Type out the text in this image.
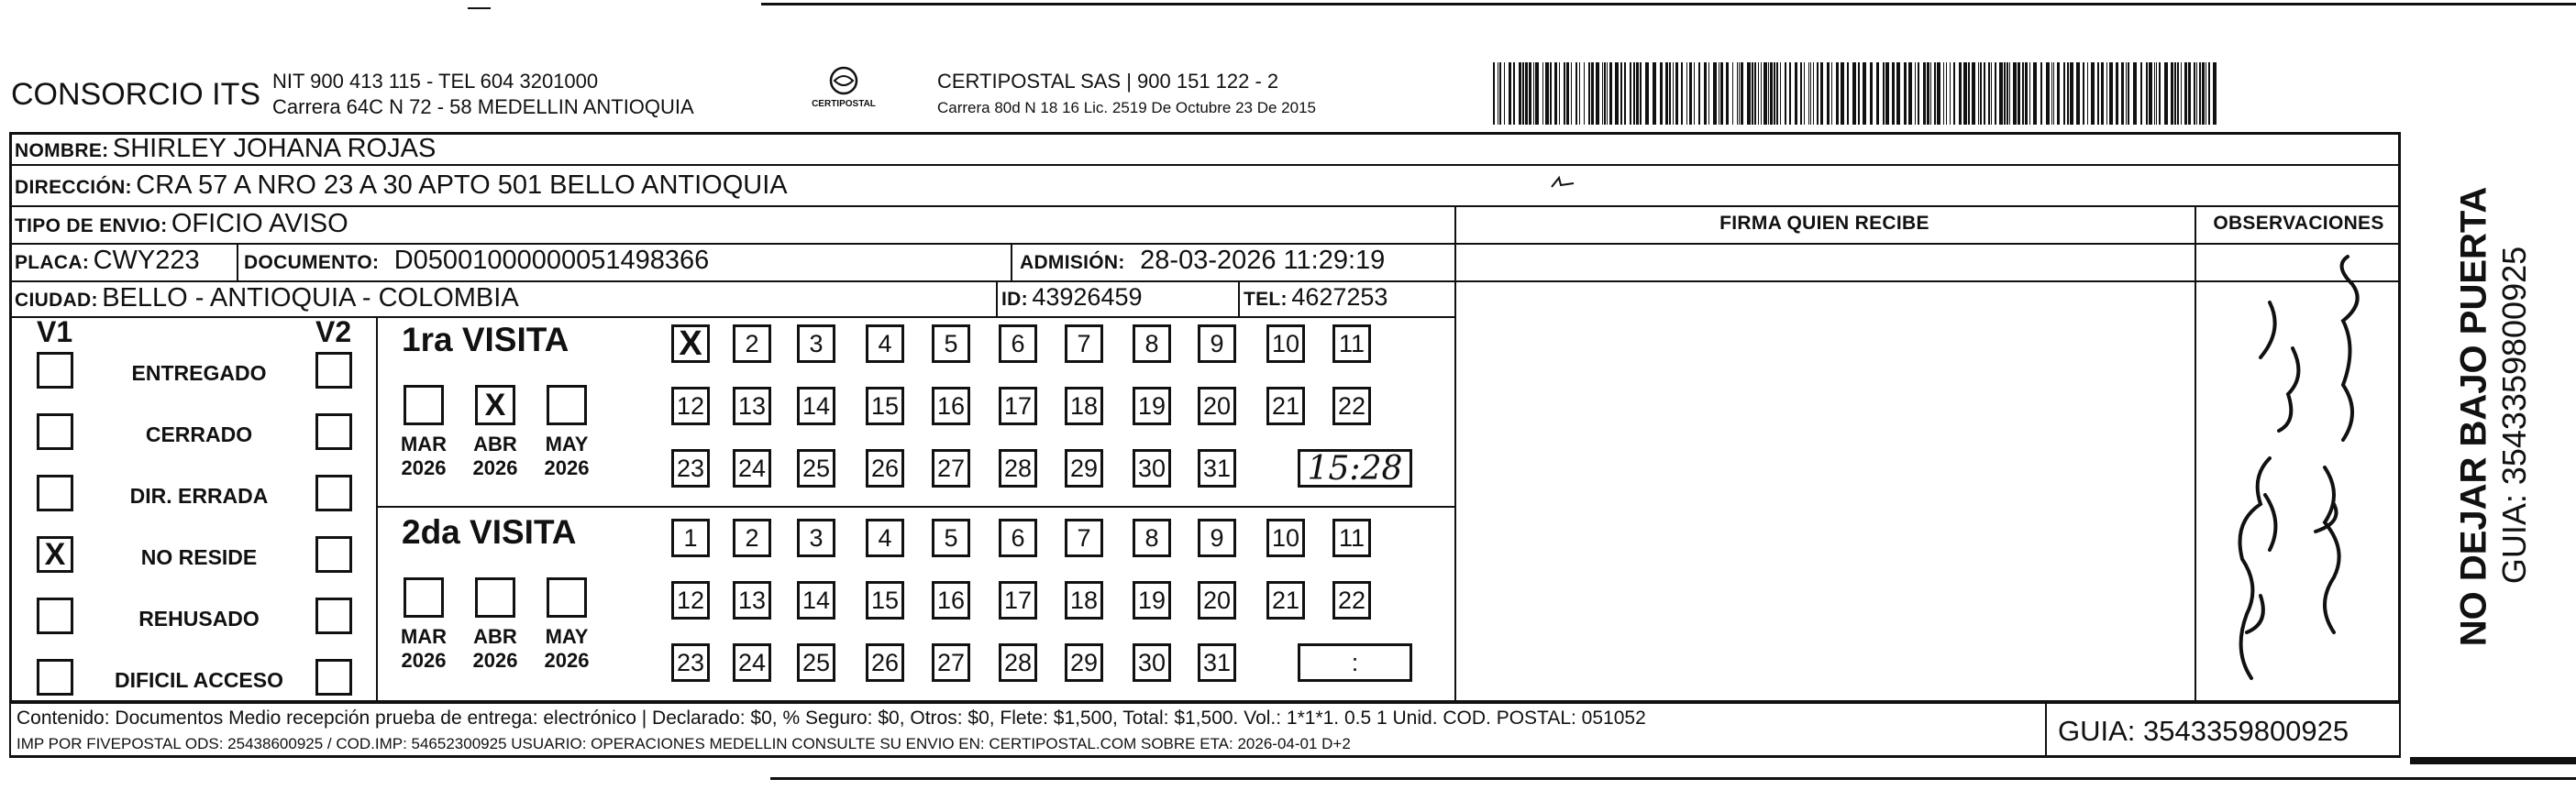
CONSORCIO ITS NIT 900 413 115 - TEL 604 3201000
Carrera 64C N 72 - 58 MEDELLIN ANTIOQUIA	CERTIPOSTAL
CERTIPOSTAL SAS | 900 151 122 - 2
Carrera 80d N 18 16 Lic. 2519 De Octubre 23 De 2015
NOMBRE: SHIRLEY JOHANA ROJAS
DIRECCIÓN: CRA 57 A NRO 23 A 30 APTO 501 BELLO ANTIOQUIA
TIPO DE ENVIO: OFICIO AVISO
PLACA: CWY223 DOCUMENTO: D05001000000051498366	ADMISIÓN: 28-03-2026 11:29:19
CIUDAD: BELLO - ANTIOQUIA - COLOMBIA	ID: 43926459	TEL: 4627253
FIRMA QUIEN RECIBE	OBSERVACIONES
V1	V2 1ra VISITA
2da VISITA
Contenido: Documentos Medio recepción prueba de entrega: electrónico | Declarado: $0, % Seguro: $0, Otros: $0, Flete: $1,500, Total: $1,500. Vol.: 1*1*1. 0.5 1 Unid. COD. POSTAL: 051052
IMP POR FIVEPOSTAL ODS: 25438600925 / COD.IMP: 54652300925 USUARIO: OPERACIONES MEDELLIN CONSULTE SU ENVIO EN: CERTIPOSTAL.COM SOBRE ETA: 2026-04-01 D+2	GUIA: 3543359800925
NO DEJAR BAJO PUERTA GUIA: 3543359800925
ENTREGADO
CERRADO
DIR. ERRADA
X	NO RESIDE
REHUSADO
DIFICIL ACCESO
MAR
2026
X
ABR
2026
MAY
2026
MAR
2026
ABR
2026
MAY
2026
X 2 3 4 5 6 7 8 9 10 11
12 13 14 15 16 17 18 19 20 21 22
23 24 25 26 27 28 29 30 31 15:28
1 2 3 4 5 6 7 8 9 10 11
12 13 14 15 16 17 18 19 20 21 22
23 24 25 26 27 28 29 30 31	:
